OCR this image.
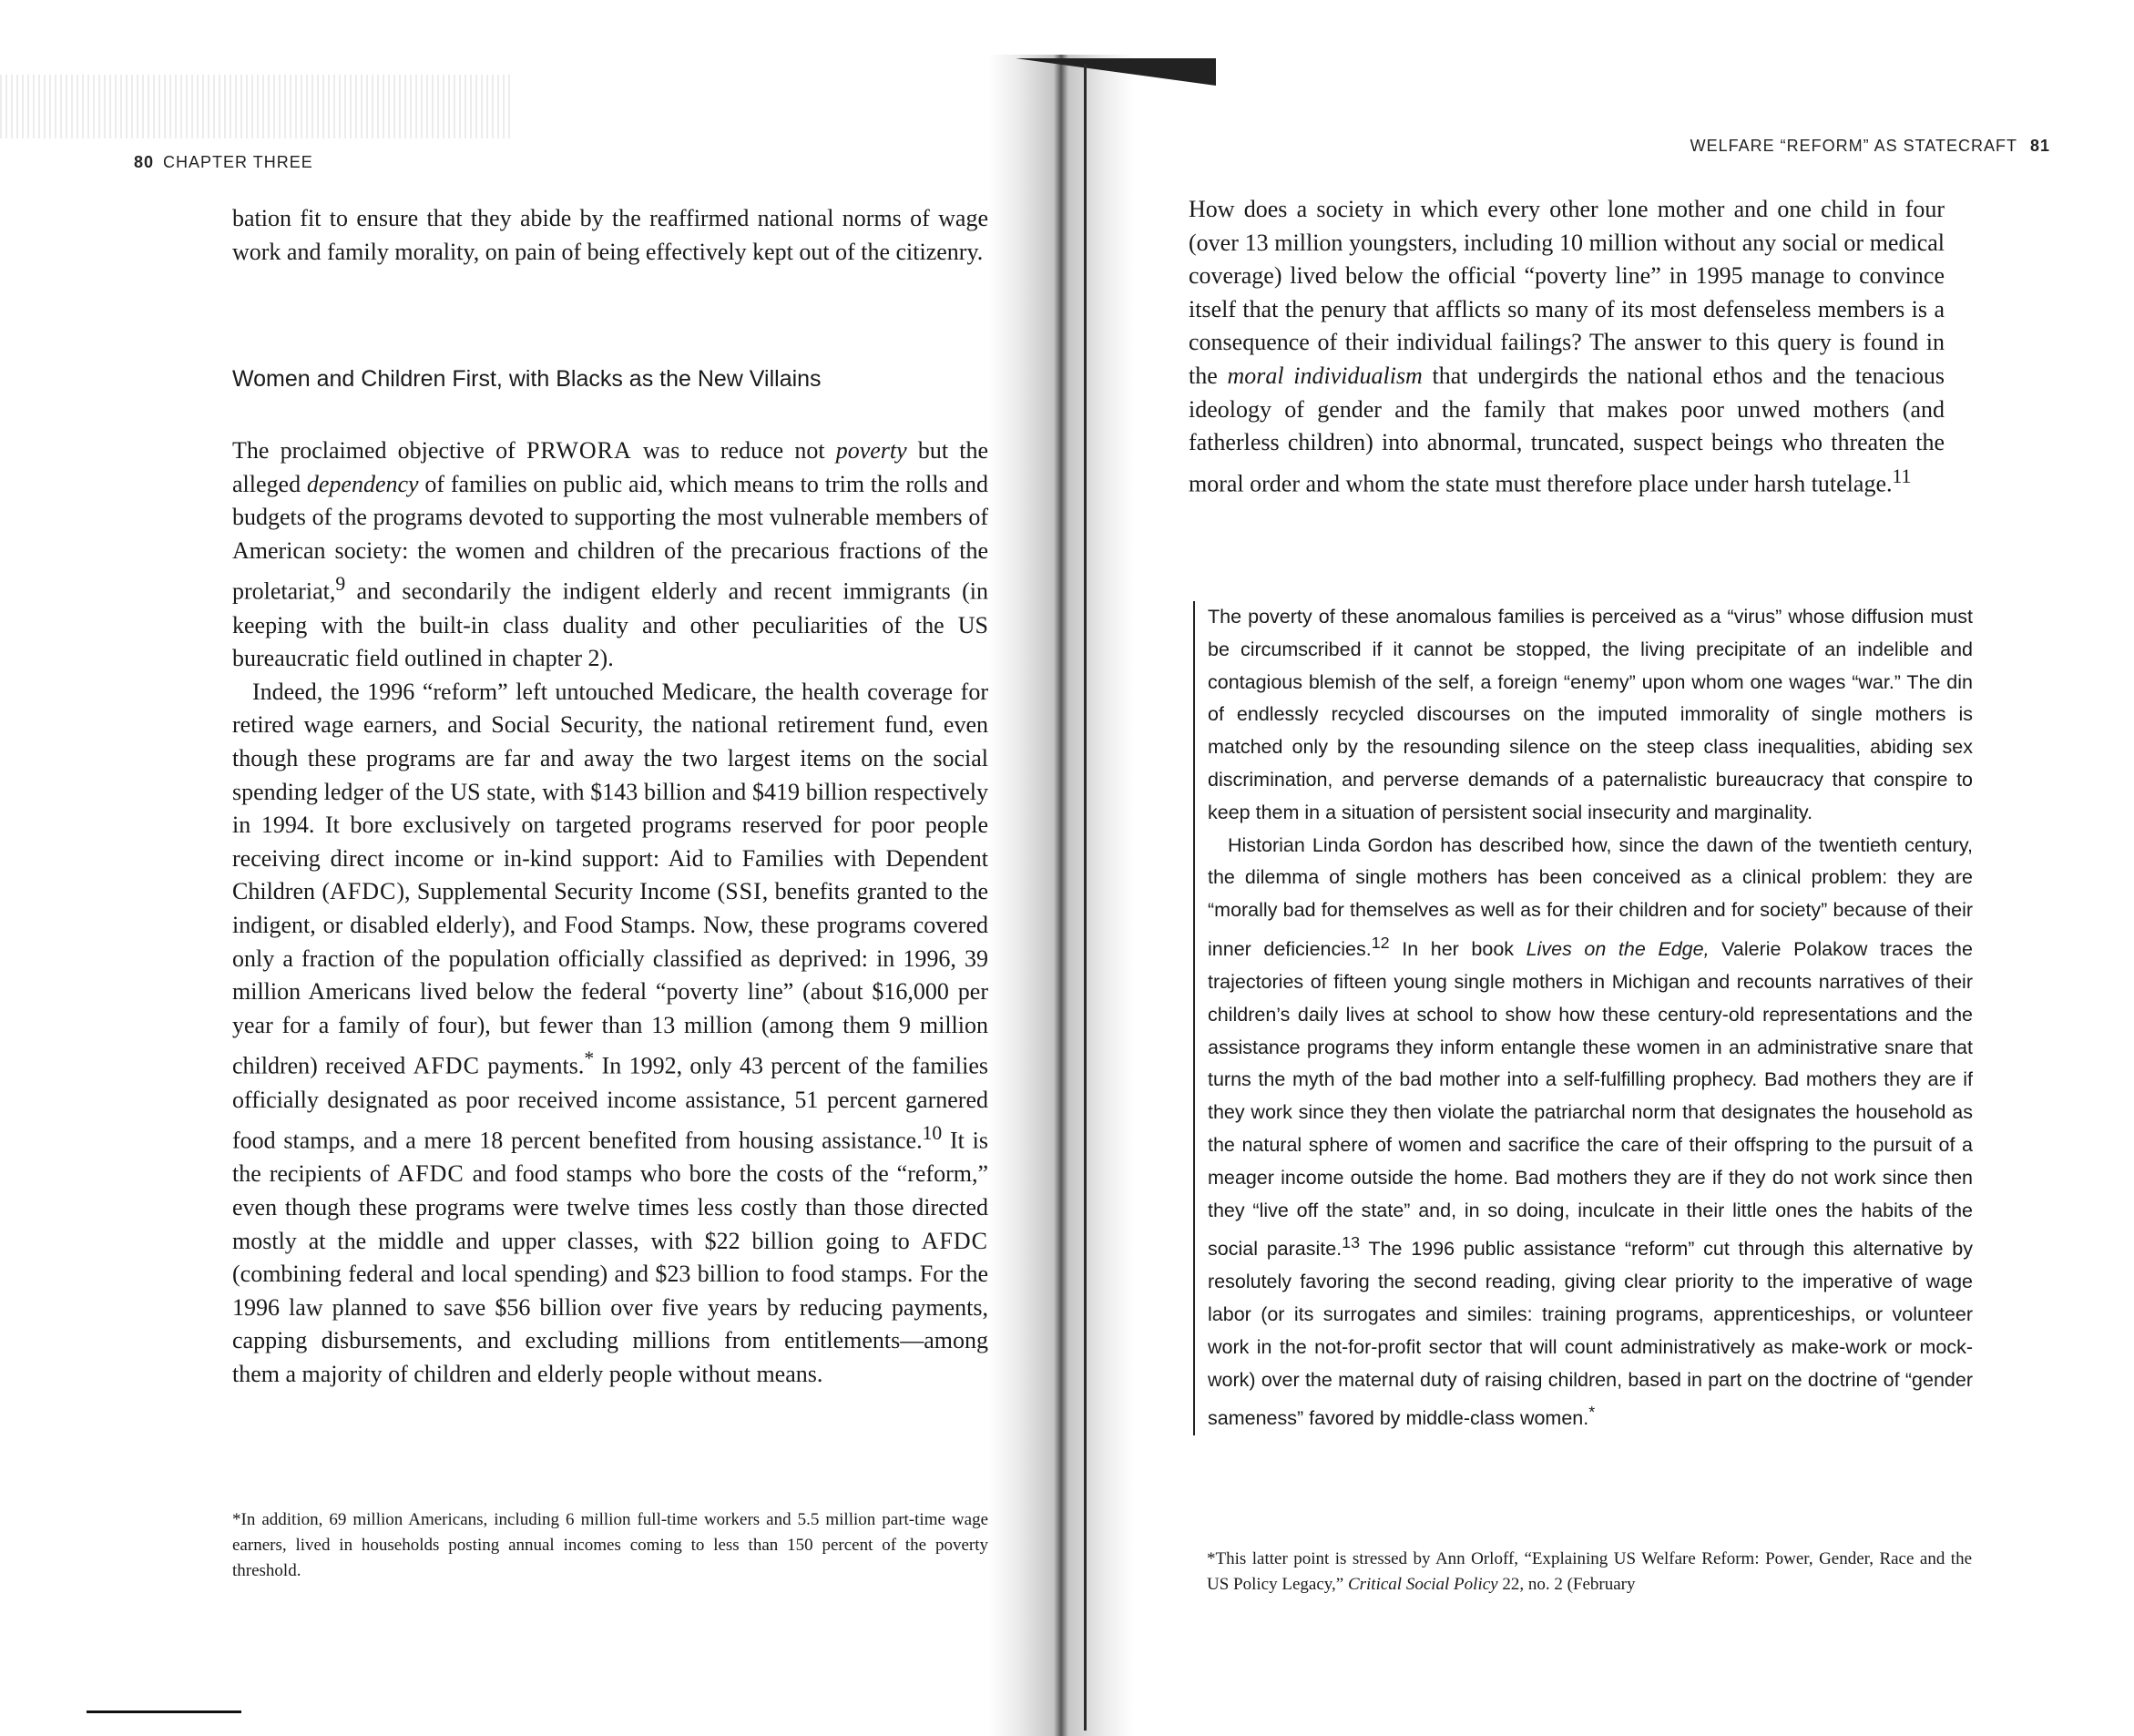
80 CHAPTER THREE

bation fit to ensure that they abide by the reaffirmed national norms of wage work and family morality, on pain of being effectively kept out of the citizenry.

Women and Children First, with Blacks as the New Villains

The proclaimed objective of PRWORA was to reduce not poverty but the alleged dependency of families on public aid, which means to trim the rolls and budgets of the programs devoted to supporting the most vulnerable members of American society: the women and children of the precarious fractions of the proletariat,$^9$ and secondarily the indigent elderly and recent immigrants (in keeping with the built-in class duality and other peculiarities of the US bureaucratic field outlined in chapter 2).

Indeed, the 1996 “reform” left untouched Medicare, the health coverage for retired wage earners, and Social Security, the national retirement fund, even though these programs are far and away the two largest items on the social spending ledger of the US state, with $143 billion and $419 billion respectively in 1994. It bore exclusively on targeted programs reserved for poor people receiving direct income or in-kind support: Aid to Families with Dependent Children (AFDC), Supplemental Security Income (SSI, benefits granted to the indigent, or disabled elderly), and Food Stamps. Now, these programs covered only a fraction of the population officially classified as deprived: in 1996, 39 million Americans lived below the federal “poverty line” (about $16,000 per year for a family of four), but fewer than 13 million (among them 9 million children) received AFDC payments.* In 1992, only 43 percent of the families officially designated as poor received income assistance, 51 percent garnered food stamps, and a mere 18 percent benefited from housing assistance.$^{10}$ It is the recipients of AFDC and food stamps who bore the costs of the “reform,” even though these programs were twelve times less costly than those directed mostly at the middle and upper classes, with $22 billion going to AFDC (combining federal and local spending) and $23 billion to food stamps. For the 1996 law planned to save $56 billion over five years by reducing payments, capping disbursements, and excluding millions from entitlements—among them a majority of children and elderly people without means.

*In addition, 69 million Americans, including 6 million full-time workers and 5.5 million part-time wage earners, lived in households posting annual incomes coming to less than 150 percent of the poverty threshold.
WELFARE “REFORM” AS STATECRAFT 81

How does a society in which every other lone mother and one child in four (over 13 million youngsters, including 10 million without any social or medical coverage) lived below the official “poverty line” in 1995 manage to convince itself that the penury that afflicts so many of its most defenseless members is a consequence of their individual failings? The answer to this query is found in the moral individualism that undergirds the national ethos and the tenacious ideology of gender and the family that makes poor unwed mothers (and fatherless children) into abnormal, truncated, suspect beings who threaten the moral order and whom the state must therefore place under harsh tutelage.$^{11}$

The poverty of these anomalous families is perceived as a “virus” whose diffusion must be circumscribed if it cannot be stopped, the living precipitate of an indelible and contagious blemish of the self, a foreign “enemy” upon whom one wages “war.” The din of endlessly recycled discourses on the imputed immorality of single mothers is matched only by the resounding silence on the steep class inequalities, abiding sex discrimination, and perverse demands of a paternalistic bureaucracy that conspire to keep them in a situation of persistent social insecurity and marginality.

Historian Linda Gordon has described how, since the dawn of the twentieth century, the dilemma of single mothers has been conceived as a clinical problem: they are “morally bad for themselves as well as for their children and for society” because of their inner deficiencies.$^{12}$ In her book Lives on the Edge, Valerie Polakow traces the trajectories of fifteen young single mothers in Michigan and recounts narratives of their children’s daily lives at school to show how these century-old representations and the assistance programs they inform entangle these women in an administrative snare that turns the myth of the bad mother into a self-fulfilling prophecy. Bad mothers they are if they work since they then violate the patriarchal norm that designates the household as the natural sphere of women and sacrifice the care of their offspring to the pursuit of a meager income outside the home. Bad mothers they are if they do not work since then they “live off the state” and, in so doing, inculcate in their little ones the habits of the social parasite.$^{13}$ The 1996 public assistance “reform” cut through this alternative by resolutely favoring the second reading, giving clear priority to the imperative of wage labor (or its surrogates and similes: training programs, apprenticeships, or volunteer work in the not-for-profit sector that will count administratively as make-work or mock-work) over the maternal duty of raising children, based in part on the doctrine of “gender sameness” favored by middle-class women.*

*This latter point is stressed by Ann Orloff, “Explaining US Welfare Reform: Power, Gender, Race and the US Policy Legacy,” Critical Social Policy 22, no. 2 (February
